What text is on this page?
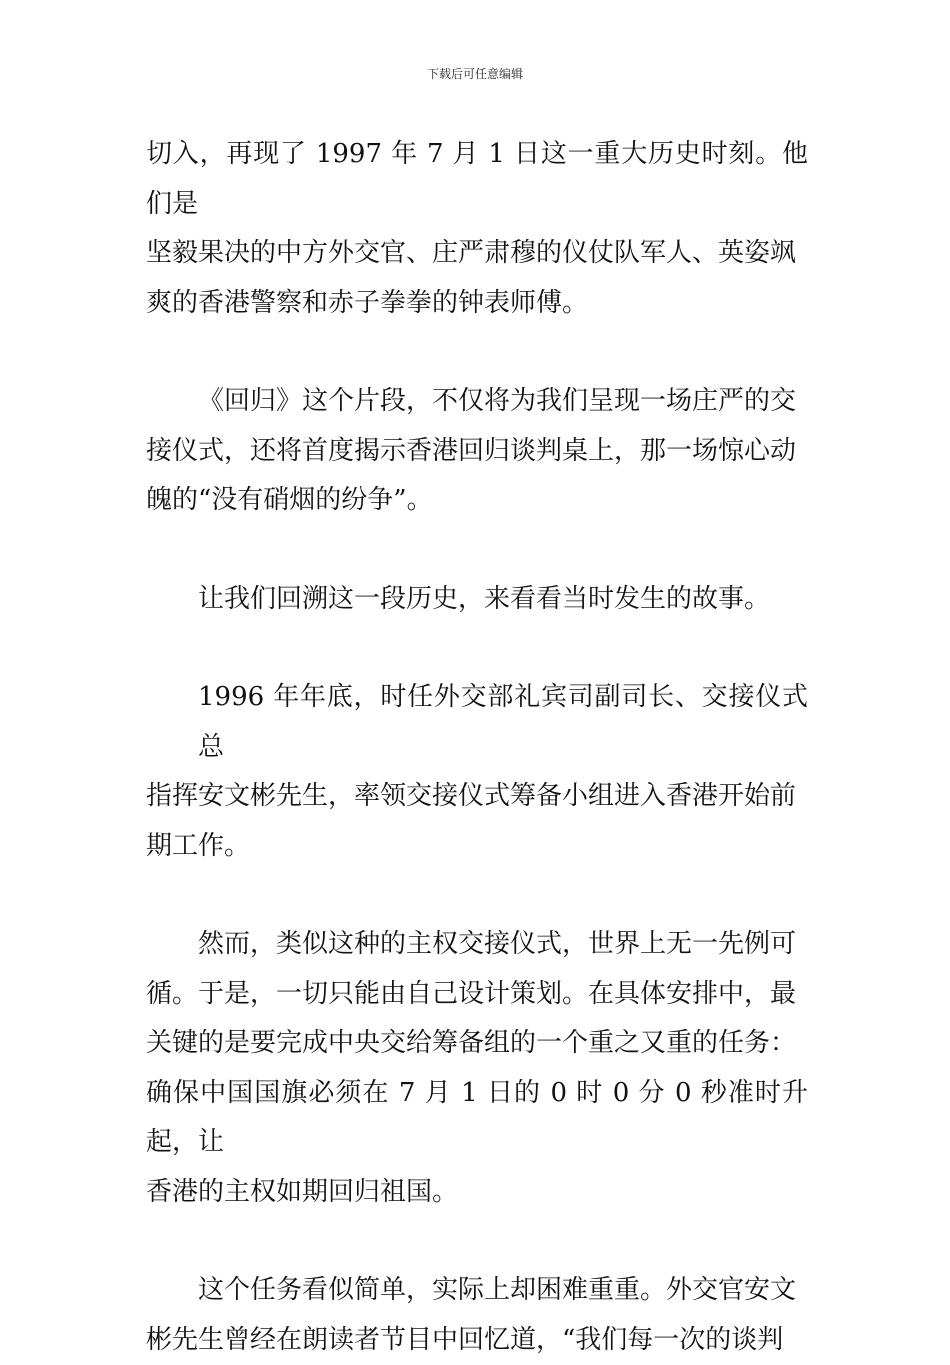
下载后可任意编辑

切入，再现了 1997 年 7 月 1 日这一重大历史时刻。他们是
坚毅果决的中方外交官、庄严肃穆的仪仗队军人、英姿飒
爽的香港警察和赤子拳拳的钟表师傅。

《回归》这个片段，不仅将为我们呈现一场庄严的交
接仪式，还将首度揭示香港回归谈判桌上，那一场惊心动
魄的“没有硝烟的纷争”。

让我们回溯这一段历史，来看看当时发生的故事。

1996 年年底，时任外交部礼宾司副司长、交接仪式总
指挥安文彬先生，率领交接仪式筹备小组进入香港开始前
期工作。

然而，类似这种的主权交接仪式，世界上无一先例可
循。于是，一切只能由自己设计策划。在具体安排中，最
关键的是要完成中央交给筹备组的一个重之又重的任务：
确保中国国旗必须在 7 月 1 日的 0 时 0 分 0 秒准时升起，让
香港的主权如期回归祖国。

这个任务看似简单，实际上却困难重重。外交官安文
彬先生曾经在朗读者节目中回忆道，“我们每一次的谈判
